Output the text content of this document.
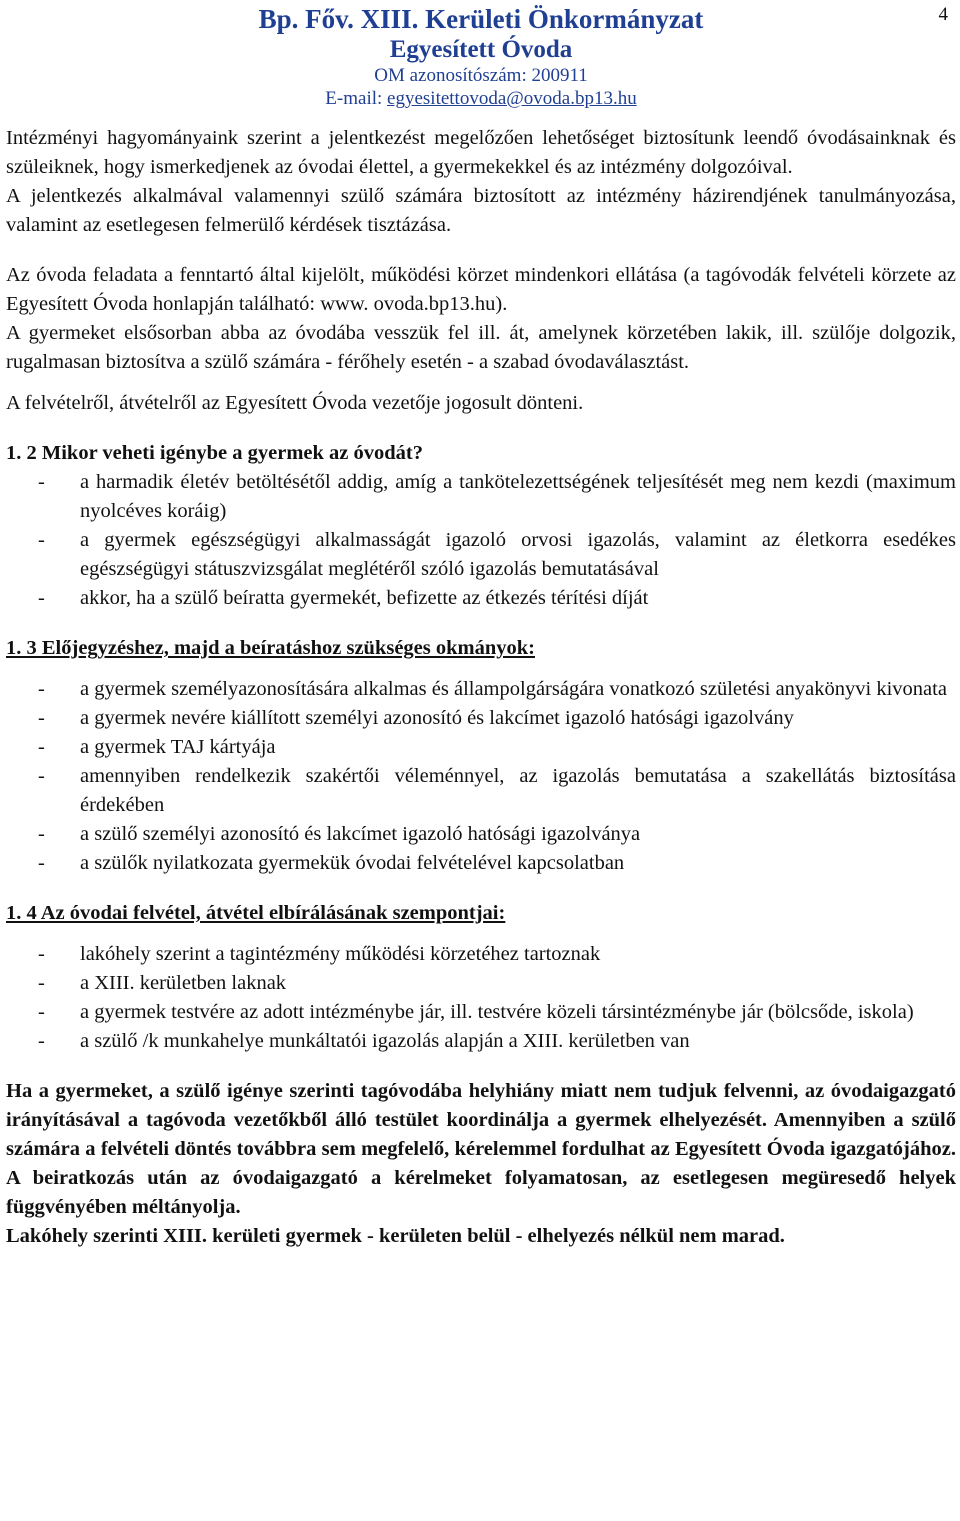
4
Bp. Főv. XIII. Kerületi Önkormányzat
Egyesített Óvoda
OM azonosítószám: 200911
E-mail: egyesitettovoda@ovoda.bp13.hu

Intézményi hagyományaink szerint a jelentkezést megelőzően lehetőséget biztosítunk leendő óvodásainknak és szüleiknek, hogy ismerkedjenek az óvodai élettel, a gyermekekkel és az intézmény dolgozóival.

A jelentkezés alkalmával valamennyi szülő számára biztosított az intézmény házirendjének tanulmányozása, valamint az esetlegesen felmerülő kérdések tisztázása.

Az óvoda feladata a fenntartó által kijelölt, működési körzet mindenkori ellátása (a tagóvodák felvételi körzete az Egyesített Óvoda honlapján található: www. ovoda.bp13.hu).

A gyermeket elsősorban abba az óvodába vesszük fel ill. át, amelynek körzetében lakik, ill. szülője dolgozik, rugalmasan biztosítva a szülő számára - férőhely esetén - a szabad óvodaválasztást.

A felvételről, átvételről az Egyesített Óvoda vezetője jogosult dönteni.

1. 2 Mikor veheti igénybe a gyermek az óvodát?
- a harmadik életév betöltésétől addig, amíg a tankötelezettségének teljesítését meg nem kezdi (maximum nyolcéves koráig)
- a gyermek egészségügyi alkalmasságát igazoló orvosi igazolás, valamint az életkorra esedékes egészségügyi státuszvizsgálat meglétéről szóló igazolás bemutatásával
- akkor, ha a szülő beíratta gyermekét, befizette az étkezés térítési díját
1. 3 Előjegyzéshez, majd a beíratáshoz szükséges okmányok:
- a gyermek személyazonosítására alkalmas és állampolgárságára vonatkozó születési anyakönyvi kivonata
- a gyermek nevére kiállított személyi azonosító és lakcímet igazoló hatósági igazolvány
- a gyermek TAJ kártyája
- amennyiben rendelkezik szakértői véleménnyel, az igazolás bemutatása a szakellátás biztosítása érdekében
- a szülő személyi azonosító és lakcímet igazoló hatósági igazolványa
- a szülők nyilatkozata gyermekük óvodai felvételével kapcsolatban
1. 4 Az óvodai felvétel, átvétel elbírálásának szempontjai:
- lakóhely szerint a tagintézmény működési körzetéhez tartoznak
- a XIII. kerületben laknak
- a gyermek testvére az adott intézménybe jár, ill. testvére közeli társintézménybe jár (bölcsőde, iskola)
- a szülő /k munkahelye munkáltatói igazolás alapján a XIII. kerületben van

Ha a gyermeket, a szülő igénye szerinti tagóvodába helyhiány miatt nem tudjuk felvenni, az óvodaigazgató irányításával a tagóvoda vezetőkből álló testület koordinálja a gyermek elhelyezését. Amennyiben a szülő számára a felvételi döntés továbbra sem megfelelő, kérelemmel fordulhat az Egyesített Óvoda igazgatójához. A beiratkozás után az óvodaigazgató a kérelmeket folyamatosan, az esetlegesen megüresedő helyek függvényében méltányolja.

Lakóhely szerinti XIII. kerületi gyermek - kerületen belül - elhelyezés nélkül nem marad.
